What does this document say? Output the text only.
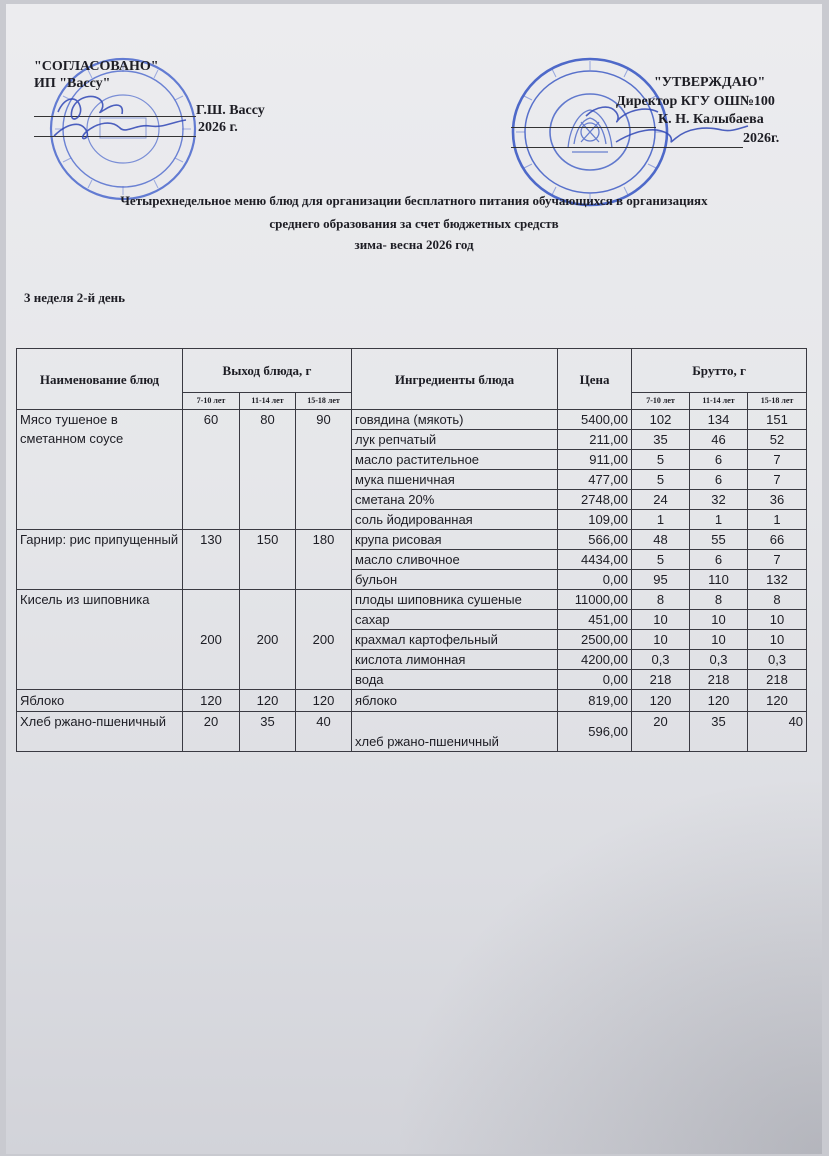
"СОГЛАСОВАНО"
ИП "Вассу"
Г.Ш. Вассу
2026 г.
"УТВЕРЖДАЮ"
Директор КГУ ОШ№100
К. Н. Калыбаева
2026г.
Четырехнедельное меню блюд для организации бесплатного питания обучающихся в организациях
среднего образования за счет бюджетных средств
зима- весна 2026 год
3 неделя 2-й день
Наименование блюд	Выход блюда, г			Ингредиенты блюда	Цена	Брутто, г		
	7-10 лет	11-14 лет	15-18 лет			7-10 лет	11-14 лет	15-18 лет
Мясо тушеное в сметанном соусе	60	80	90	говядина (мякоть)	5400,00	102	134	151
				лук репчатый	211,00	35	46	52
				масло растительное	911,00	5	6	7
				мука пшеничная	477,00	5	6	7
				сметана 20%	2748,00	24	32	36
				соль йодированная	109,00	1	1	1
Гарнир: рис припущенный	130	150	180	крупа рисовая	566,00	48	55	66
				масло сливочное	4434,00	5	6	7
				бульон	0,00	95	110	132
Кисель из шиповника	200	200	200	плоды шиповника сушеные	11000,00	8	8	8
				сахар	451,00	10	10	10
				крахмал картофельный	2500,00	10	10	10
				кислота лимонная	4200,00	0,3	0,3	0,3
				вода	0,00	218	218	218
Яблоко	120	120	120	яблоко	819,00	120	120	120
Хлеб ржано-пшеничный	20	35	40	хлеб ржано-пшеничный	596,00	20	35	40
